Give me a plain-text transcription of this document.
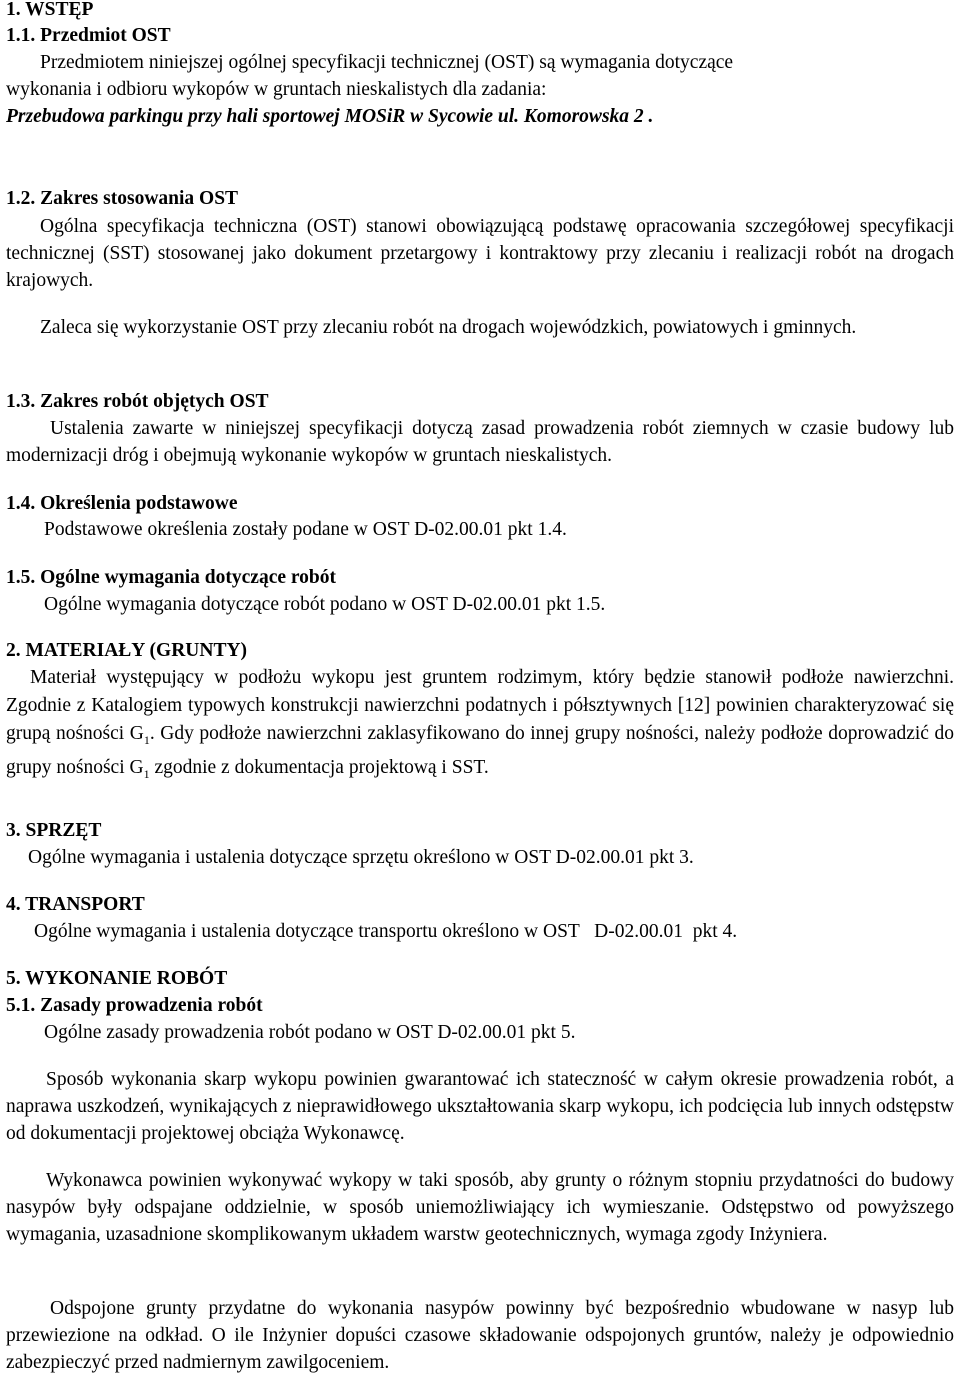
1. WSTĘP
1.1. Przedmiot OST
Przedmiotem niniejszej ogólnej specyfikacji technicznej (OST) są wymagania dotyczące
wykonania i odbioru wykopów w gruntach nieskalistych dla zadania:
Przebudowa parkingu przy hali sportowej MOSiR w Sycowie ul. Komorowska 2 .
1.2. Zakres stosowania OST
Ogólna specyfikacja techniczna (OST) stanowi obowiązującą podstawę opracowania szczegółowej specyfikacji technicznej (SST) stosowanej jako dokument przetargowy i kontraktowy przy zlecaniu i realizacji robót na drogach krajowych.
Zaleca się wykorzystanie OST przy zlecaniu robót na drogach wojewódzkich, powiatowych i gminnych.
1.3. Zakres robót objętych OST
Ustalenia zawarte w niniejszej specyfikacji dotyczą zasad prowadzenia robót ziemnych w czasie budowy lub modernizacji dróg i obejmują wykonanie wykopów w gruntach nieskalistych.
1.4. Określenia podstawowe
Podstawowe określenia zostały podane w OST D-02.00.01 pkt 1.4.
1.5. Ogólne wymagania dotyczące robót
Ogólne wymagania dotyczące robót podano w OST D-02.00.01 pkt 1.5.
2. MATERIAŁY (GRUNTY)
Materiał występujący w podłożu wykopu jest gruntem rodzimym, który będzie stanowił podłoże nawierzchni. Zgodnie z Katalogiem typowych konstrukcji nawierzchni podatnych i półsztywnych [12] powinien charakteryzować się grupą nośności $G_1$. Gdy podłoże nawierzchni zaklasyfikowano do innej grupy nośności, należy podłoże doprowadzić do grupy nośności $G_1$ zgodnie z dokumentacja projektową i SST.
3. SPRZĘT
Ogólne wymagania i ustalenia dotyczące sprzętu określono w OST D-02.00.01 pkt 3.
4. TRANSPORT
Ogólne wymagania i ustalenia dotyczące transportu określono w OST   D-02.00.01  pkt 4.
5. WYKONANIE ROBÓT
5.1. Zasady prowadzenia robót
Ogólne zasady prowadzenia robót podano w OST D-02.00.01 pkt 5.
Sposób wykonania skarp wykopu powinien gwarantować ich stateczność w całym okresie prowadzenia robót, a naprawa uszkodzeń, wynikających z nieprawidłowego ukształtowania skarp wykopu, ich podcięcia lub innych odstępstw od dokumentacji projektowej obciąża Wykonawcę.
Wykonawca powinien wykonywać wykopy w taki sposób, aby grunty o różnym stopniu przydatności do budowy nasypów były odspajane oddzielnie, w sposób uniemożliwiający ich wymieszanie. Odstępstwo od powyższego wymagania, uzasadnione skomplikowanym układem warstw geotechnicznych, wymaga zgody Inżyniera.
Odspojone grunty przydatne do wykonania nasypów powinny być bezpośrednio wbudowane w nasyp lub przewiezione na odkład. O ile Inżynier dopuści czasowe składowanie odspojonych gruntów, należy je odpowiednio zabezpieczyć przed nadmiernym zawilgoceniem.
